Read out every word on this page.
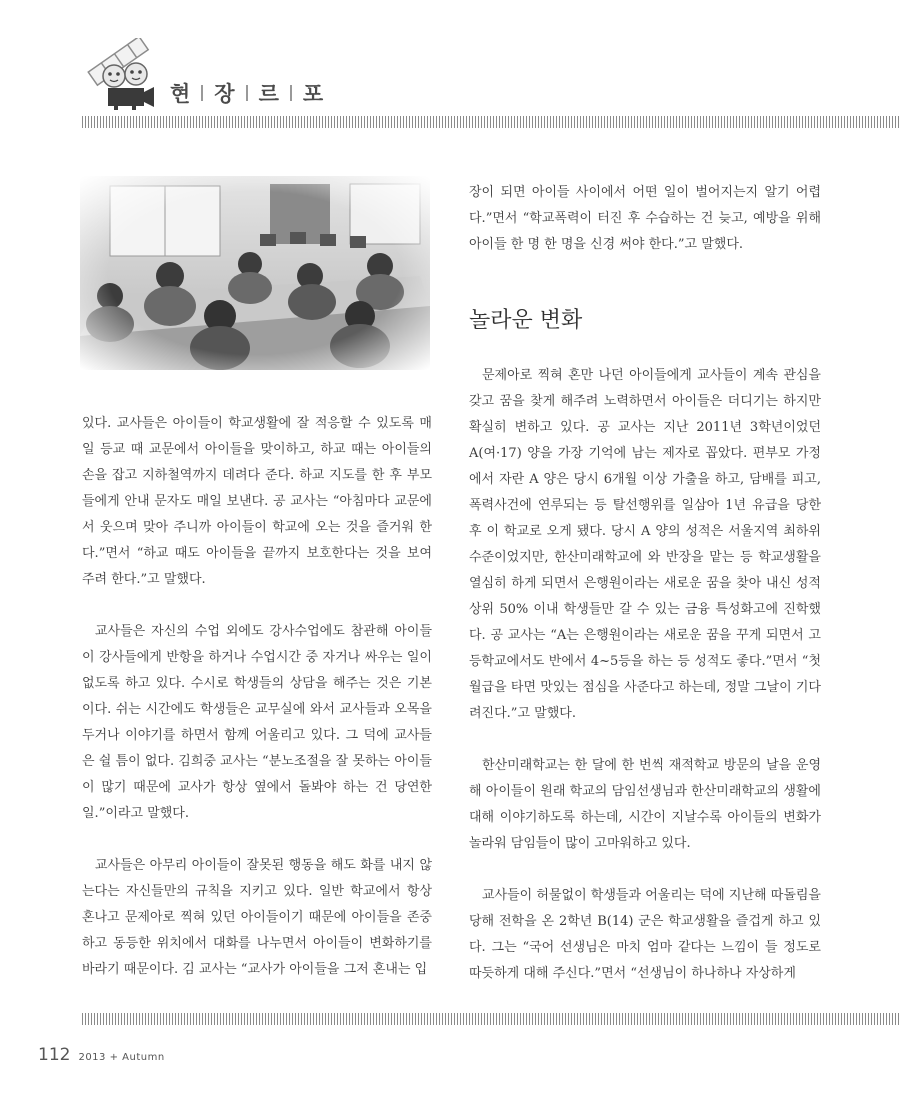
현 장 르 포

있다. 교사들은 아이들이 학교생활에 잘 적응할 수 있도록 매일 등교 때 교문에서 아이들을 맞이하고, 하교 때는 아이들의 손을 잡고 지하철역까지 데려다 준다. 하교 지도를 한 후 부모들에게 안내 문자도 매일 보낸다. 공 교사는 “아침마다 교문에서 웃으며 맞아 주니까 아이들이 학교에 오는 것을 즐거워 한다.”면서 “하교 때도 아이들을 끝까지 보호한다는 것을 보여 주려 한다.”고 말했다.

교사들은 자신의 수업 외에도 강사수업에도 참관해 아이들이 강사들에게 반항을 하거나 수업시간 중 자거나 싸우는 일이 없도록 하고 있다. 수시로 학생들의 상담을 해주는 것은 기본이다. 쉬는 시간에도 학생들은 교무실에 와서 교사들과 오목을 두거나 이야기를 하면서 함께 어울리고 있다. 그 덕에 교사들은 쉴 틈이 없다. 김희중 교사는 “분노조절을 잘 못하는 아이들이 많기 때문에 교사가 항상 옆에서 돌봐야 하는 건 당연한 일.”이라고 말했다.

교사들은 아무리 아이들이 잘못된 행동을 해도 화를 내지 않는다는 자신들만의 규칙을 지키고 있다. 일반 학교에서 항상 혼나고 문제아로 찍혀 있던 아이들이기 때문에 아이들을 존중하고 동등한 위치에서 대화를 나누면서 아이들이 변화하기를 바라기 때문이다. 김 교사는 “교사가 아이들을 그저 혼내는 입

장이 되면 아이들 사이에서 어떤 일이 벌어지는지 알기 어렵다.”면서 “학교폭력이 터진 후 수습하는 건 늦고, 예방을 위해 아이들 한 명 한 명을 신경 써야 한다.”고 말했다.

놀라운 변화

문제아로 찍혀 혼만 나던 아이들에게 교사들이 계속 관심을 갖고 꿈을 찾게 해주려 노력하면서 아이들은 더디기는 하지만 확실히 변하고 있다. 공 교사는 지난 2011년 3학년이었던 A(여·17) 양을 가장 기억에 남는 제자로 꼽았다. 편부모 가정에서 자란 A 양은 당시 6개월 이상 가출을 하고, 담배를 피고, 폭력사건에 연루되는 등 탈선행위를 일삼아 1년 유급을 당한 후 이 학교로 오게 됐다. 당시 A 양의 성적은 서울지역 최하위 수준이었지만, 한산미래학교에 와 반장을 맡는 등 학교생활을 열심히 하게 되면서 은행원이라는 새로운 꿈을 찾아 내신 성적 상위 50% 이내 학생들만 갈 수 있는 금융 특성화고에 진학했다. 공 교사는 “A는 은행원이라는 새로운 꿈을 꾸게 되면서 고등학교에서도 반에서 4~5등을 하는 등 성적도 좋다.”면서 “첫 월급을 타면 맛있는 점심을 사준다고 하는데, 정말 그날이 기다려진다.”고 말했다.

한산미래학교는 한 달에 한 번씩 재적학교 방문의 날을 운영해 아이들이 원래 학교의 담임선생님과 한산미래학교의 생활에 대해 이야기하도록 하는데, 시간이 지날수록 아이들의 변화가 놀라워 담임들이 많이 고마워하고 있다.

교사들이 허물없이 학생들과 어울리는 덕에 지난해 따돌림을 당해 전학을 온 2학년 B(14) 군은 학교생활을 즐겁게 하고 있다. 그는 “국어 선생님은 마치 엄마 같다는 느낌이 들 정도로 따듯하게 대해 주신다.”면서 “선생님이 하나하나 자상하게

112 2013 + Autumn
